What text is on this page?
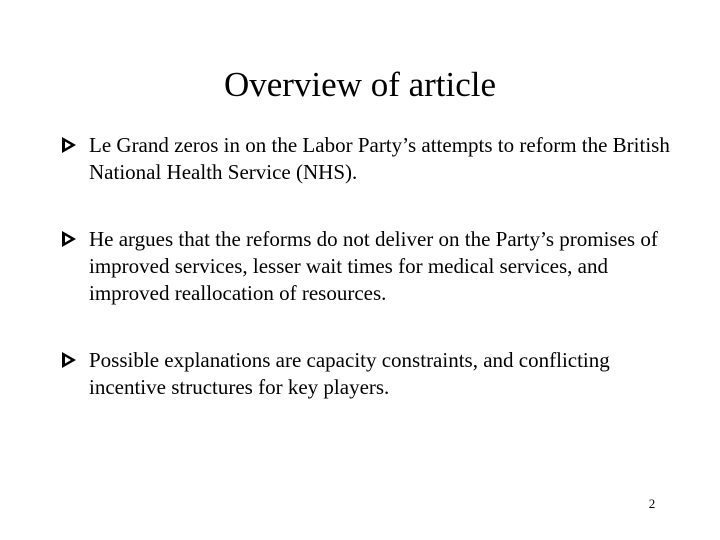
Overview of article
Le Grand zeros in on the Labor Party’s attempts to reform the British National Health Service (NHS).
He argues that the reforms do not deliver on the Party’s promises of improved services, lesser wait times for medical services, and improved reallocation of resources.
Possible explanations are capacity constraints, and conflicting incentive structures for key players.
2
